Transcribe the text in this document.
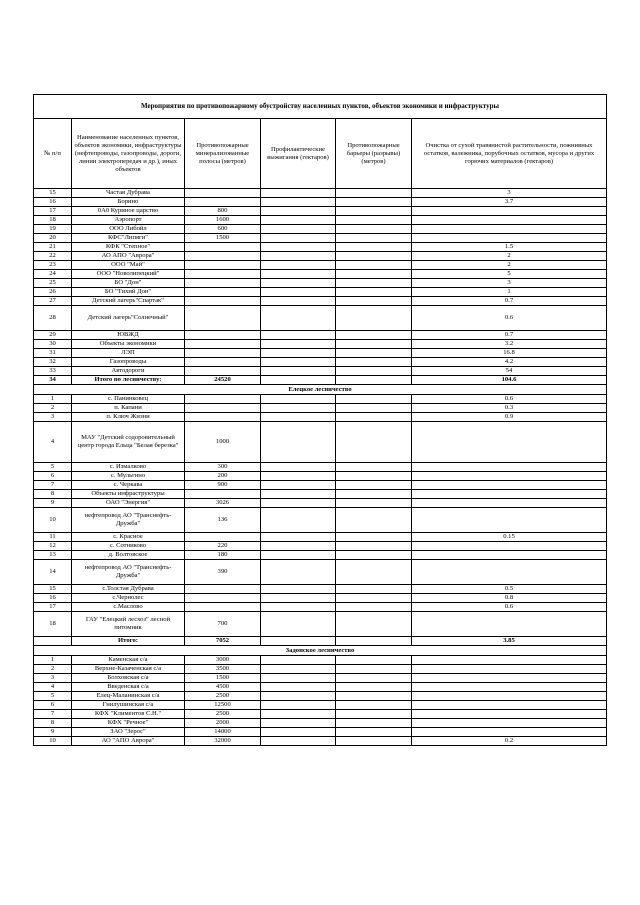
Мероприятия по противопожарному обустройству населенных пунктов, объектов экономики и инфраструктуры					
№ п/п	Наименование населенных пунктов, объектов экономики, инфраструктуры (нефтепроводы, газопроводы, дороги, линии электропередач и др.), иных объектов	Противопожарные минерализованные полосы (метров)	Профилактические выжигания (гектаров)	Противопожарные барьеры (разрывы) (метров)	Очистка от сухой травянистой растительности, пожнивных остатков, валежника, порубочных остатков, мусора и других горючих материалов (гектаров)
15	Частая Дубрава				3
16	Борино				3.7
17	0А0 Куриное царство	800			
18	Аэропорт	1600			
19	ООО Либойл	600			
20	КФС"Липяги"	1500			
21	КФК "Степное"				1.5
22	АО АПО "Аврора"				2
23	ООО "Май"				2
24	ООО "Новолипецкий"				5
25	БО "Дон"				3
26	БО "Тихий Дон"				1
27	Детский лагерь"Спартак"				0.7
28	Детский лагерь"Солнечный"				0.6
29	ЮВЖД				0.7
30	Объекты экономики				3.2
31	ЛЭП				16.8
32	Газопроводы				4.2
33	Автодороги				54
34	Итого по лесничеству:	24520			104.6
Елецкое лесничество					
1	с. Панинковец				0.6
2	п. Капани				0.3
3	п. Ключ Жизни				0.9
4	МАУ "Детский содоровительный центр города Ельца "Белая березка"	1000			
5	с. Измалково	300			
6	с. Мульгино	200			
7	с. Черкава	900			
8	Объекты инфраструктуры				
9	ОАО "Энергия"	3026			
10	нефтепровод АО "Транснефть-Дружба"	136			
11	с. Красное				0.15
12	с. Сотниково	220			
13	д. Волтовское	180			
14	нефтепровод АО "Транснефть-Дружба"	390			
15	с.Толстая Дубрава				0.5
16	с.Чернолес				0.8
17	с.Маслово				0.6
18	ГАУ "Елецкий лесхоз" лесной питомник	700			
	Итого:	7052			3.85
Задонское лесничество					
1	Каменская с/а	3000			
2	Верхне-Казаченская с/а	3500			
3	Болховская с/а	1500			
4	Введенская с/а	4500			
5	Елец-Маланинская с/а	2500			
6	Гнилушинская с/а	12500			
7	КФХ "Климентов С.Н."	2500			
8	КФХ "Речное"	2000			
9	ЗАО "Зерос"	14000			
10	АО "АПО Аврора"	32000			0.2
